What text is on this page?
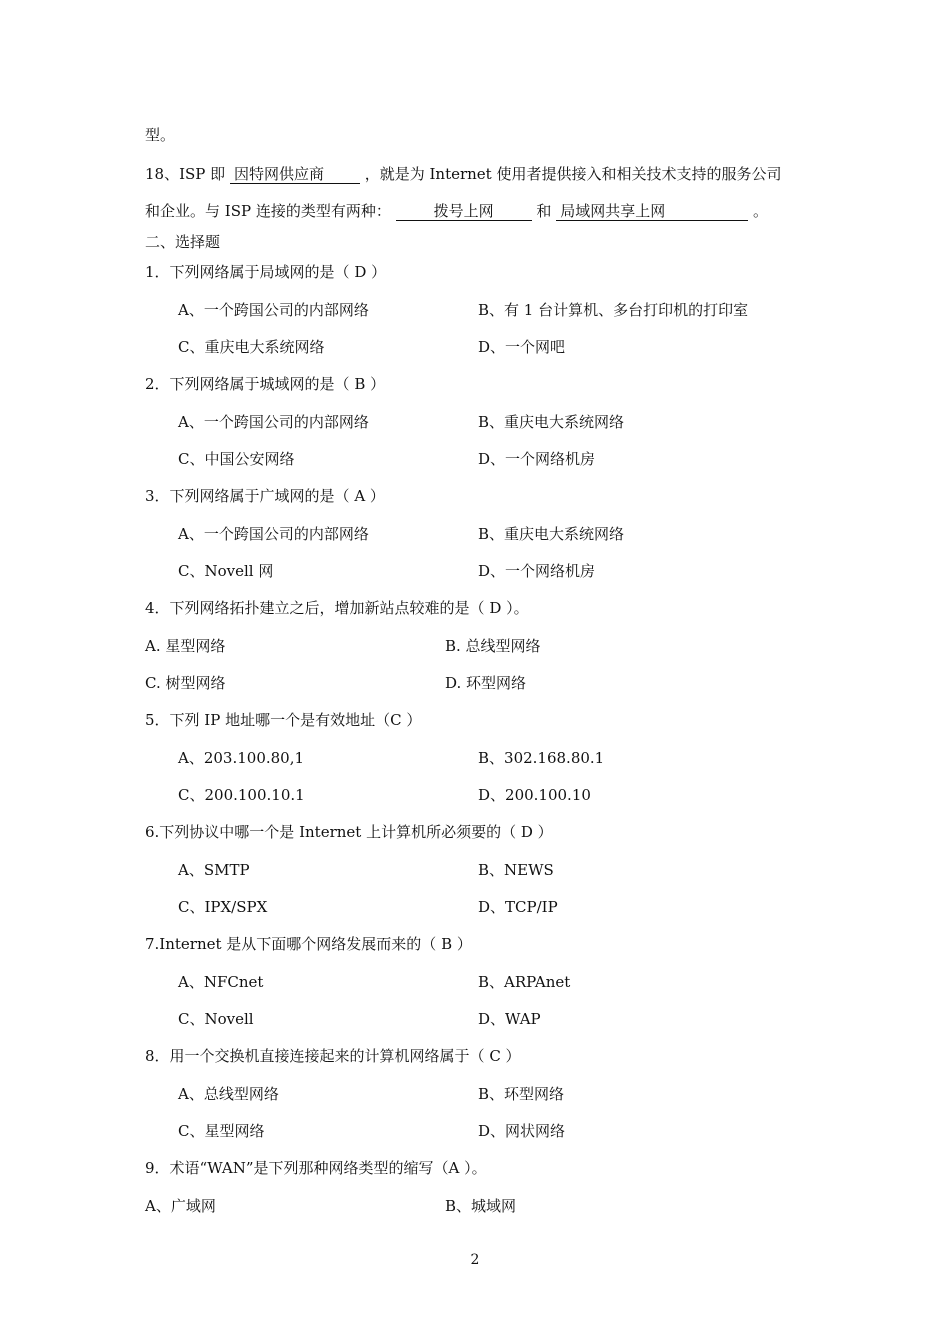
型。
18、ISP 即 因特网供应商	，就是为 Internet 使用者提供接入和相关技术支持的服务公司
和企业。与 ISP 连接的类型有两种：	拨号上网	和 局域网共享上网	。
二、选择题
1．下列网络属于局域网的是（ D ）
A、一个跨国公司的内部网络	B、有 1 台计算机、多台打印机的打印室
C、重庆电大系统网络	D、一个网吧
2．下列网络属于城域网的是（ B ）
A、一个跨国公司的内部网络	B、重庆电大系统网络
C、中国公安网络	D、一个网络机房
3．下列网络属于广域网的是（ A ）
A、一个跨国公司的内部网络	B、重庆电大系统网络
C、Novell 网	D、一个网络机房
4．下列网络拓扑建立之后，增加新站点较难的是（ D ）。
A. 星型网络	B. 总线型网络
C. 树型网络	D. 环型网络
5．下列 IP 地址哪一个是有效地址（C ）
A、203.100.80,1	B、302.168.80.1
C、200.100.10.1	D、200.100.10
6.下列协议中哪一个是 Internet 上计算机所必须要的（ D ）
A、SMTP	B、NEWS
C、IPX/SPX	D、TCP/IP
7.Internet 是从下面哪个网络发展而来的（ B ）
A、NFCnet	B、ARPAnet
C、Novell	D、WAP
8．用一个交换机直接连接起来的计算机网络属于（ C ）
A、总线型网络	B、环型网络
C、星型网络	D、网状网络
9．术语“WAN”是下列那种网络类型的缩写（A ）。
A、广域网	B、城域网
2
